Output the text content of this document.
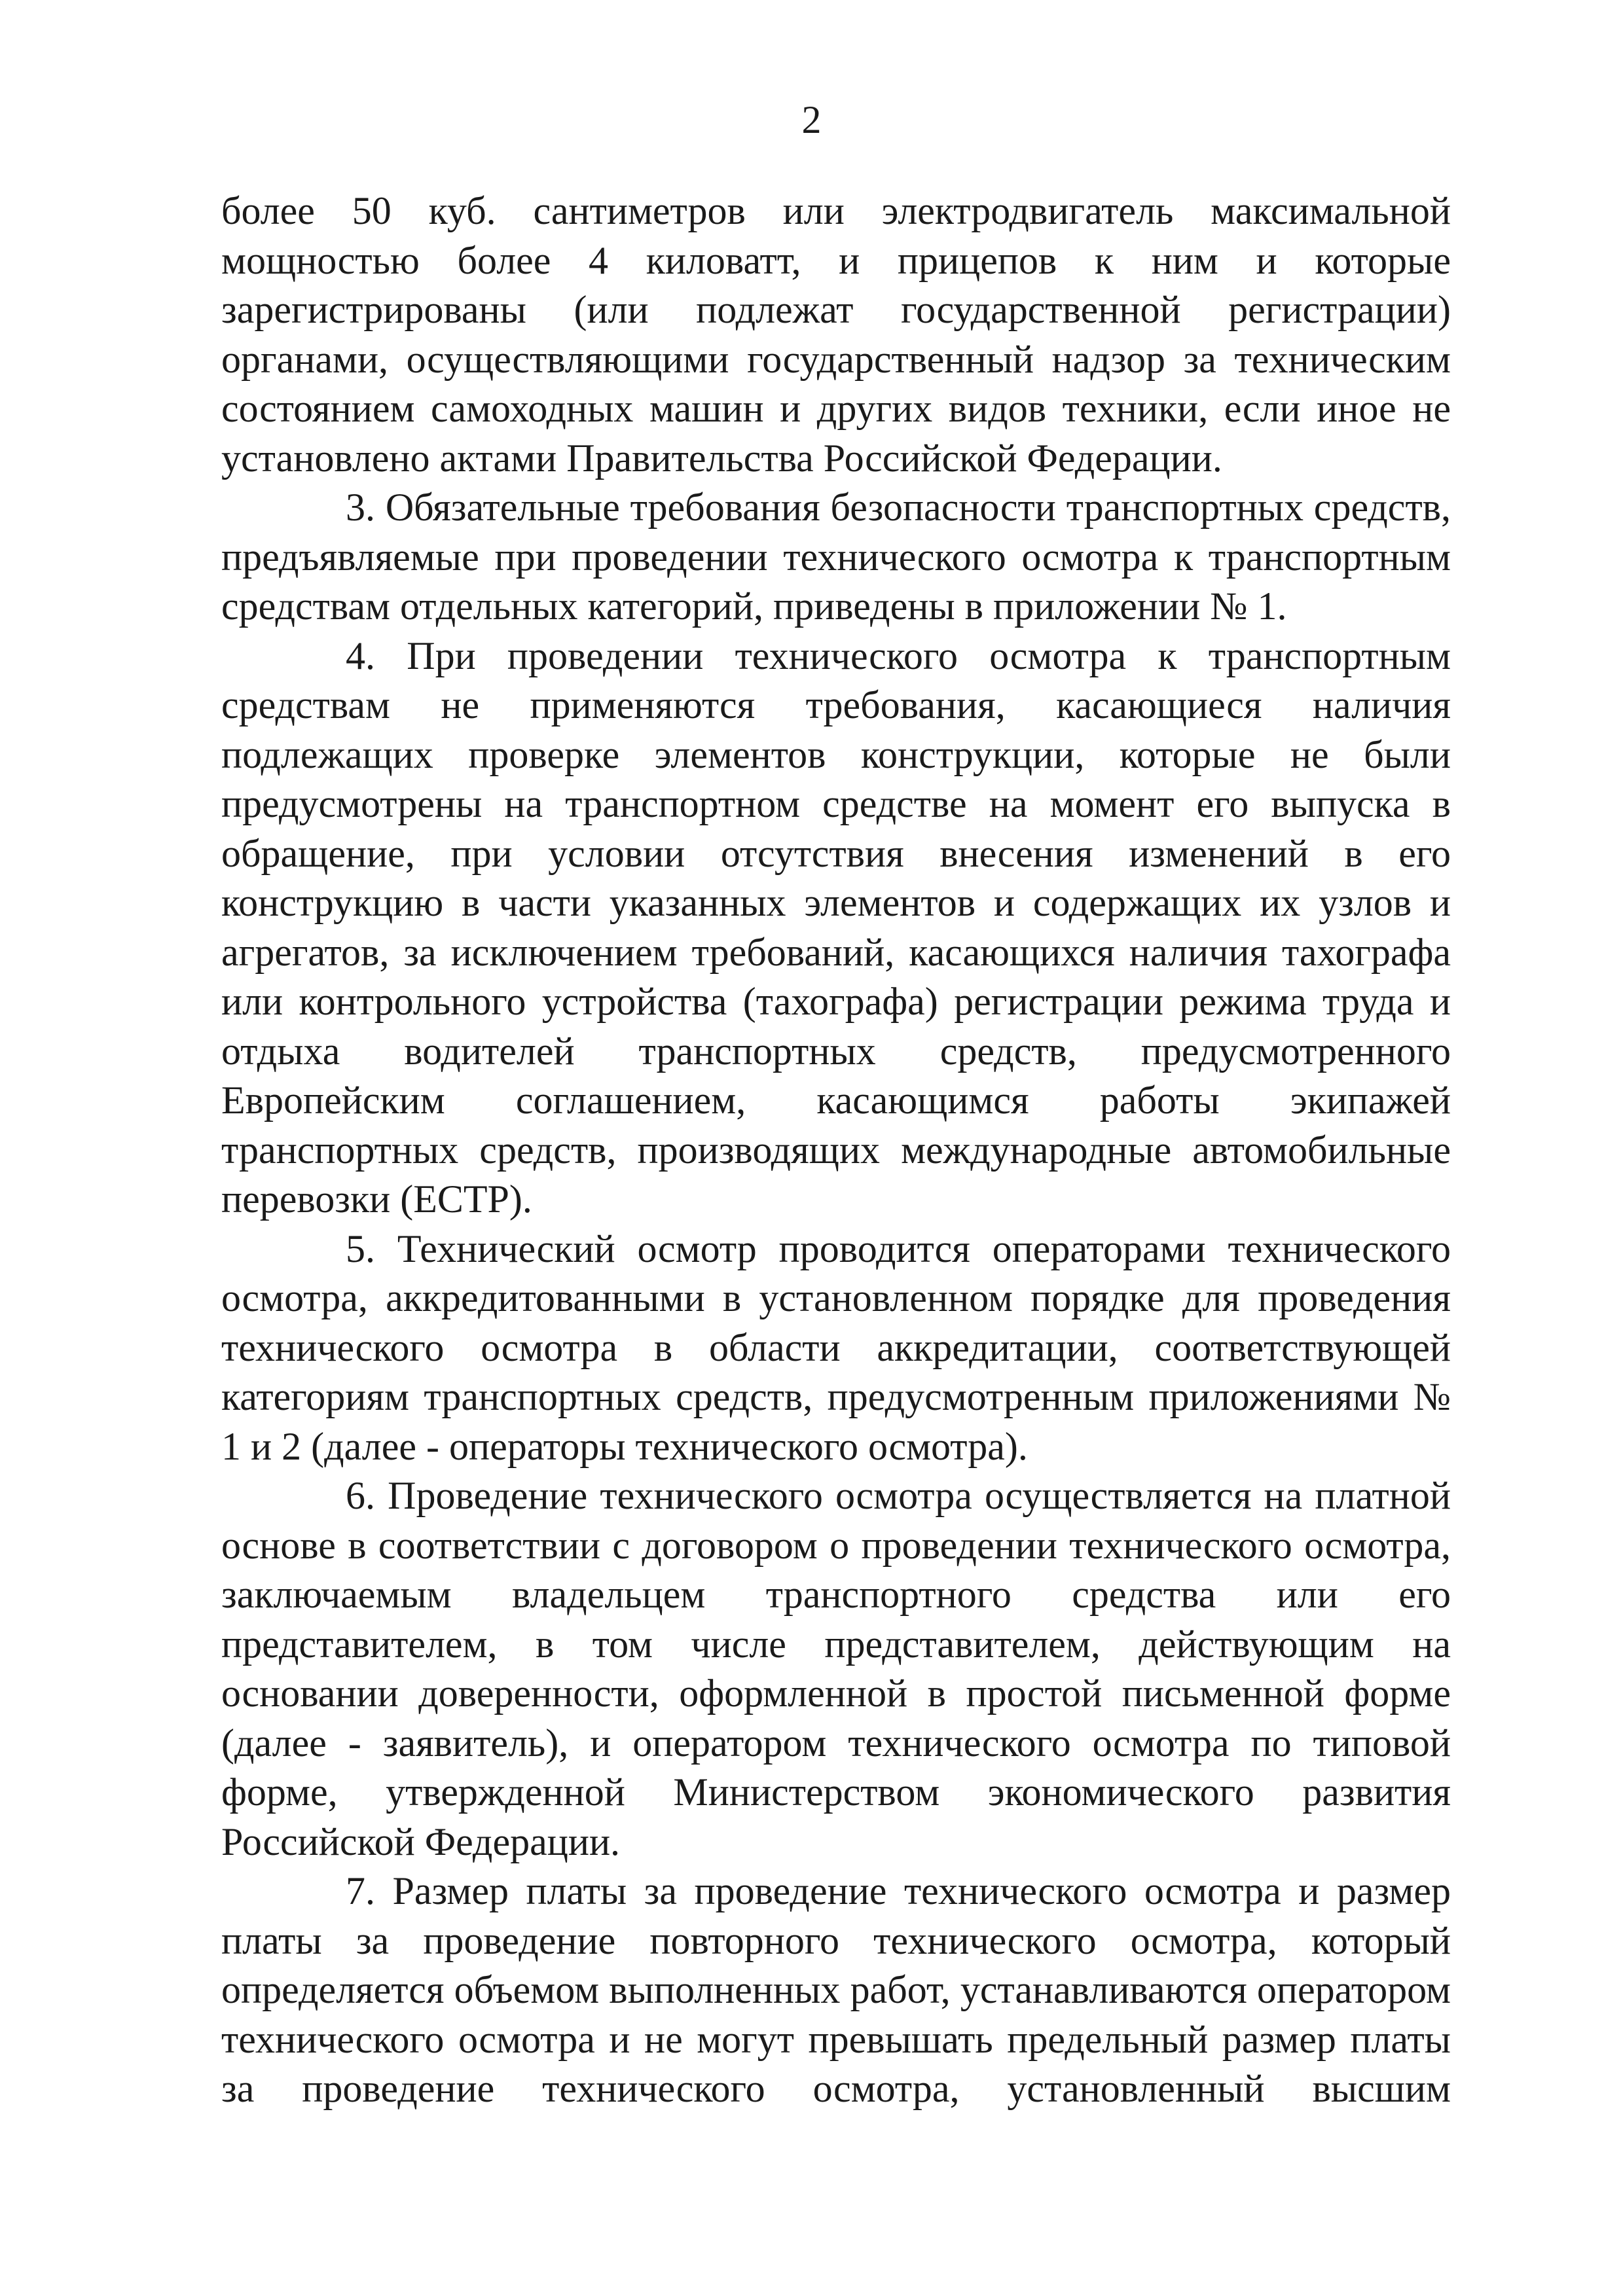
2

более 50 куб. сантиметров или электродвигатель максимальной мощностью более 4 киловатт, и прицепов к ним и которые зарегистрированы (или подлежат государственной регистрации) органами, осуществляющими государственный надзор за техническим состоянием самоходных машин и других видов техники, если иное не установлено актами Правительства Российской Федерации.

3. Обязательные требования безопасности транспортных средств, предъявляемые при проведении технического осмотра к транспортным средствам отдельных категорий, приведены в приложении № 1.

4. При проведении технического осмотра к транспортным средствам не применяются требования, касающиеся наличия подлежащих проверке элементов конструкции, которые не были предусмотрены на транспортном средстве на момент его выпуска в обращение, при условии отсутствия внесения изменений в его конструкцию в части указанных элементов и содержащих их узлов и агрегатов, за исключением требований, касающихся наличия тахографа или контрольного устройства (тахографа) регистрации режима труда и отдыха водителей транспортных средств, предусмотренного Европейским соглашением, касающимся работы экипажей транспортных средств, производящих международные автомобильные перевозки (ЕСТР).

5. Технический осмотр проводится операторами технического осмотра, аккредитованными в установленном порядке для проведения технического осмотра в области аккредитации, соответствующей категориям транспортных средств, предусмотренным приложениями № 1 и 2 (далее - операторы технического осмотра).

6. Проведение технического осмотра осуществляется на платной основе в соответствии с договором о проведении технического осмотра, заключаемым владельцем транспортного средства или его представителем, в том числе представителем, действующим на основании доверенности, оформленной в простой письменной форме (далее - заявитель), и оператором технического осмотра по типовой форме, утвержденной Министерством экономического развития Российской Федерации.

7. Размер платы за проведение технического осмотра и размер платы за проведение повторного технического осмотра, который определяется объемом выполненных работ, устанавливаются оператором технического осмотра и не могут превышать предельный размер платы за проведение технического осмотра, установленный высшим
